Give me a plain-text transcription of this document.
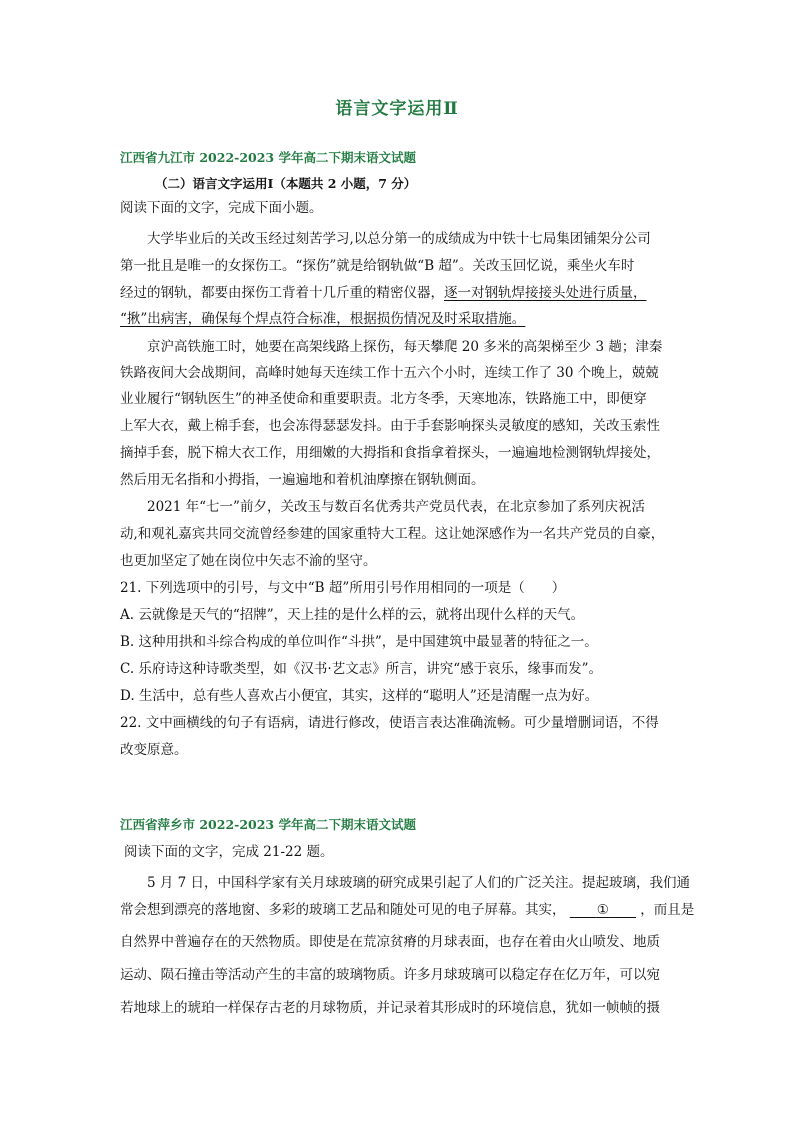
语言文字运用Ⅱ
江西省九江市 2022-2023 学年高二下期末语文试题
（二）语言文字运用Ⅰ（本题共 2 小题，7 分）
阅读下面的文字，完成下面小题。
大学毕业后的关改玉经过刻苦学习,以总分第一的成绩成为中铁十七局集团铺架分公司
第一批且是唯一的女探伤工。“探伤”就是给钢轨做“B 超”。关改玉回忆说，乘坐火车时
经过的钢轨，都要由探伤工背着十几斤重的精密仪器，逐一对钢轨焊接接头处进行质量，
“揪”出病害，确保每个焊点符合标准，根据损伤情况及时采取措施。
京沪高铁施工时，她要在高架线路上探伤，每天攀爬 20 多米的高架梯至少 3 趟；津秦
铁路夜间大会战期间，高峰时她每天连续工作十五六个小时，连续工作了 30 个晚上，兢兢
业业履行“钢轨医生”的神圣使命和重要职责。北方冬季，天寒地冻，铁路施工中，即便穿
上军大衣，戴上棉手套，也会冻得瑟瑟发抖。由于手套影响探头灵敏度的感知，关改玉索性
摘掉手套，脱下棉大衣工作，用细嫩的大拇指和食指拿着探头，一遍遍地检测钢轨焊接处，
然后用无名指和小拇指，一遍遍地和着机油摩擦在钢轨侧面。
2021 年“七一”前夕，关改玉与数百名优秀共产党员代表，在北京参加了系列庆祝活
动,和观礼嘉宾共同交流曾经参建的国家重特大工程。这让她深感作为一名共产党员的自豪，
也更加坚定了她在岗位中矢志不渝的坚守。
21. 下列选项中的引号，与文中“B 超”所用引号作用相同的一项是（　　）
A. 云就像是天气的“招牌”，天上挂的是什么样的云，就将出现什么样的天气。
B. 这种用拱和斗综合构成的单位叫作“斗拱”，是中国建筑中最显著的特征之一。
C. 乐府诗这种诗歌类型，如《汉书·艺文志》所言，讲究“感于哀乐，缘事而发”。
D. 生活中，总有些人喜欢占小便宜，其实，这样的“聪明人”还是清醒一点为好。
22. 文中画横线的句子有语病，请进行修改，使语言表达准确流畅。可少量增删词语，不得
改变原意。
江西省萍乡市 2022-2023 学年高二下期末语文试题
阅读下面的文字，完成 21-22 题。
5 月 7 日，中国科学家有关月球玻璃的研究成果引起了人们的广泛关注。提起玻璃，我们通
常会想到漂亮的落地窗、多彩的玻璃工艺品和随处可见的电子屏幕。其实，    ①   ，而且是
自然界中普遍存在的天然物质。即使是在荒凉贫瘠的月球表面，也存在着由火山喷发、地质
运动、陨石撞击等活动产生的丰富的玻璃物质。许多月球玻璃可以稳定存在亿万年，可以宛
若地球上的琥珀一样保存古老的月球物质，并记录着其形成时的环境信息，犹如一帧帧的摄
